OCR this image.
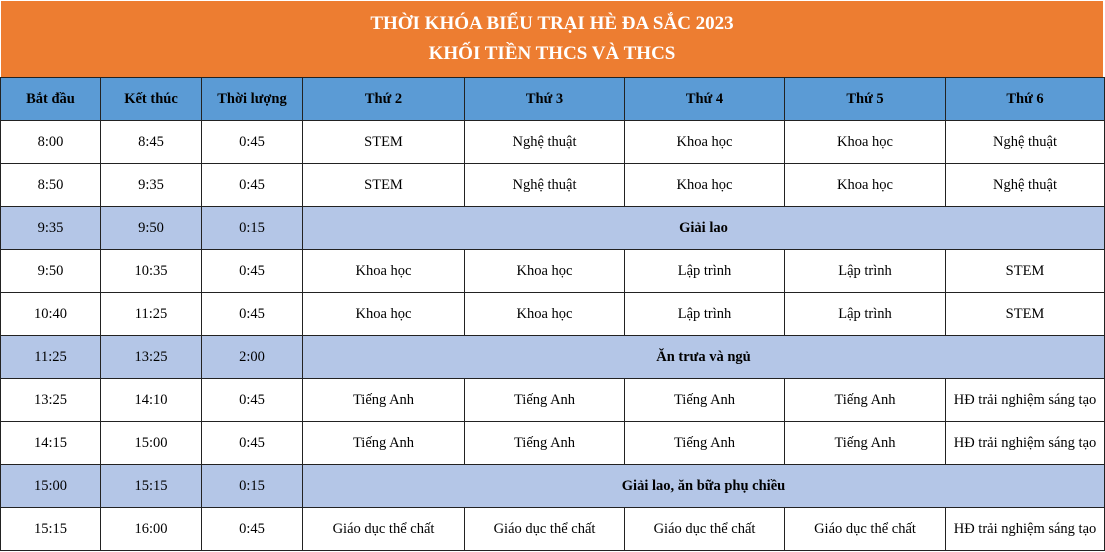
THỜI KHÓA BIỂU TRẠI HÈ ĐA SẮC 2023
KHỐI TIỀN THCS VÀ THCS
Bắt đầu	Kết thúc	Thời lượng	Thứ 2	Thứ 3	Thứ 4	Thứ 5	Thứ 6
8:00	8:45	0:45	STEM	Nghệ thuật	Khoa học	Khoa học	Nghệ thuật
8:50	9:35	0:45	STEM	Nghệ thuật	Khoa học	Khoa học	Nghệ thuật
9:35	9:50	0:15	Giải lao				
9:50	10:35	0:45	Khoa học	Khoa học	Lập trình	Lập trình	STEM
10:40	11:25	0:45	Khoa học	Khoa học	Lập trình	Lập trình	STEM
11:25	13:25	2:00	Ăn trưa và ngủ				
13:25	14:10	0:45	Tiếng Anh	Tiếng Anh	Tiếng Anh	Tiếng Anh	HĐ trải nghiệm sáng tạo
14:15	15:00	0:45	Tiếng Anh	Tiếng Anh	Tiếng Anh	Tiếng Anh	HĐ trải nghiệm sáng tạo
15:00	15:15	0:15	Giải lao, ăn bữa phụ chiều				
15:15	16:00	0:45	Giáo dục thể chất	Giáo dục thể chất	Giáo dục thể chất	Giáo dục thể chất	HĐ trải nghiệm sáng tạo
